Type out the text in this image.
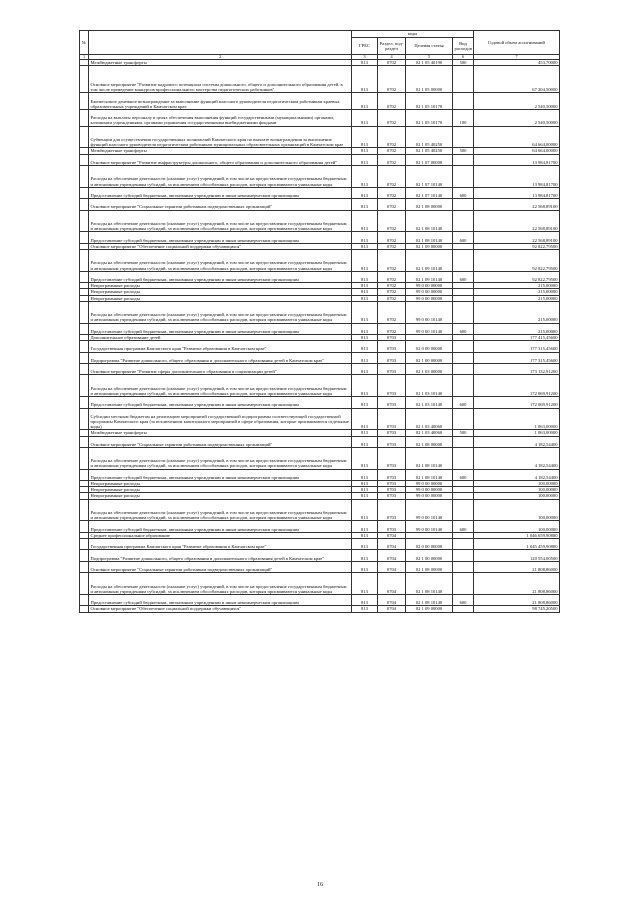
№		коды				Годовой объем ассигнований
		ГРБС	Раздел, под-раздел	Целевая статья	Вид расходов	
1	2	3	4	5	6	7
	Межбюджетные трансферты	813	0702	02 1 05 40190	500	453,70000
	Основное мероприятие "Развитие кадрового потенциала системы дошкольного, общего и дополнительного образования детей, в том числе проведение конкурсов профессионального мастерства педагогических работников"	813	0702	02 1 05 00000		67 204,50000
	Ежемесячное денежное вознаграждение за выполнение функций классного руководителя педагогическим работникам краевых образовательных учреждений в Камчатском крае	813	0702	02 1 05 10170		2 540,50000
	Расходы на выплаты персоналу в целях обеспечения выполнения функций государственными (муниципальными) органами, казенными учреждениями, органами управления государственными внебюджетными фондами	813	0702	02 1 05 10170	100	2 540,50000
	Субвенции для осуществления государственных полномочий Камчатского края по выплате вознаграждения за выполнение функций классного руководителя педагогическим работникам муниципальных образовательных организаций в Камчатском крае	813	0702	02 1 05 40250		64 664,00000
	Межбюджетные трансферты	813	0702	02 1 05 40250	500	64 664,00000
	Основное мероприятие "Развитие инфраструктуры дошкольного, общего образования и дополнительного образования детей"	813	0702	02 1 07 00000		13 984,81700
	Расходы на обеспечение деятельности (оказание услуг) учреждений, в том числе на предоставление государственным бюджетным и автономным учреждениям субсидий, за исключением обособленных расходов, которым присваиваются уникальные коды	813	0702	02 1 07 10140		13 984,81700
	Предоставление субсидий бюджетным, автономным учреждениям и иным некоммерческим организациям	813	0702	02 1 07 10140	600	13 984,81700
	Основное мероприятие "Социальные гарантии работникам подведомственных организаций"	813	0702	02 1 08 00000		22 568,89100
	Расходы на обеспечение деятельности (оказание услуг) учреждений, в том числе на предоставление государственным бюджетным и автономным учреждениям субсидий, за исключением обособленных расходов, которым присваиваются уникальные коды	813	0702	02 1 08 10140		22 568,89100
	Предоставление субсидий бюджетным, автономным учреждениям и иным некоммерческим организациям	813	0702	02 1 08 10140	600	22 568,89100
	Основное мероприятие "Обеспечение социальной поддержки обучающихся"	813	0702	02 1 09 00000		92 822,79500
	Расходы на обеспечение деятельности (оказание услуг) учреждений, в том числе на предоставление государственным бюджетным и автономным учреждениям субсидий, за исключением обособленных расходов, которым присваиваются уникальные коды	813	0702	02 1 09 10140		92 822,79500
	Предоставление субсидий бюджетным, автономным учреждениям и иным некоммерческим организациям	813	0702	02 1 09 10140	600	92 822,79500
	Непрограммные расходы	813	0702	99 0 00 00000		215,00000
	Непрограммные расходы	813	0702	99 0 00 00000		215,00000
	Непрограммные расходы	813	0702	99 0 00 00000		215,00000
	Расходы на обеспечение деятельности (оказание услуг) учреждений, в том числе на предоставление государственным бюджетным и автономным учреждениям субсидий, за исключением обособленных расходов, которым присваиваются уникальные коды	813	0702	99 0 00 10140		215,00000
	Предоставление субсидий бюджетным, автономным учреждениям и иным некоммерческим организациям	813	0702	99 0 00 10140	600	215,00000
	Дополнительное образование детей	813	0703			177 415,45600
	Государственная программа Камчатского края "Развитие образования в Камчатском крае"	813	0703	02 0 00 00000		177 315,45600
	Подпрограмма "Развитие дошкольного, общего образования и дополнительного образования детей в Камчатском крае"	813	0703	02 1 00 00000		177 315,45600
	Основное мероприятие "Развитие сферы дополнительного образования и социализации детей"	813	0703	02 1 03 00000		173 132,91200
	Расходы на обеспечение деятельности (оказание услуг) учреждений, в том числе на предоставление государственным бюджетным и автономным учреждениям субсидий, за исключением обособленных расходов, которым присваиваются уникальные коды	813	0703	02 1 03 10140		172 069,91200
	Предоставление субсидий бюджетным, автономным учреждениям и иным некоммерческим организациям	813	0703	02 1 03 10140	600	172 069,91200
	Субсидии местным бюджетам на реализацию мероприятий государственной подпрограммы соответствующей государственной программы Камчатского края (за исключением капитального мероприятий в сфере образования, которые присваиваются отдельные коды)	813	0703	02 1 03 40060		1 063,00000
	Межбюджетные трансферты	813	0703	02 1 03 40060	500	1 063,00000
	Основное мероприятие "Социальные гарантии работникам подведомственных организаций"	813	0703	02 1 08 00000		4 182,54400
	Расходы на обеспечение деятельности (оказание услуг) учреждений, в том числе на предоставление государственным бюджетным и автономным учреждениям субсидий, за исключением обособленных расходов, которым присваиваются уникальные коды	813	0703	02 1 08 10140		4 182,54400
	Предоставление субсидий бюджетным, автономным учреждениям и иным некоммерческим организациям	813	0703	02 1 08 10140	600	4 182,54400
	Непрограммные расходы	813	0703	99 0 00 00000		100,00000
	Непрограммные расходы	813	0703	99 0 00 00000		100,00000
	Непрограммные расходы	813	0703	99 0 00 00000		100,00000
	Расходы на обеспечение деятельности (оказание услуг) учреждений, в том числе на предоставление государственным бюджетным и автономным учреждениям субсидий, за исключением обособленных расходов, которым присваиваются уникальные коды	813	0703	99 0 00 10140		100,00000
	Предоставление субсидий бюджетным, автономным учреждениям и иным некоммерческим организациям	813	0703	99 0 00 10140	600	100,00000
	Среднее профессиональное образование	813	0704			1 046 659,90800
	Государственная программа Камчатского края "Развитие образования в Камчатском крае"	813	0704	02 0 00 00000		1 045 459,90800
	Подпрограмма "Развитие дошкольного, общего образования и дополнительного образования детей в Камчатском крае"	813	0704	02 1 00 00000		120 554,00500
	Основное мероприятие "Социальные гарантии работникам подведомственных организаций"	813	0704	02 1 08 00000		21 808,86000
	Расходы на обеспечение деятельности (оказание услуг) учреждений, в том числе на предоставление государственным бюджетным и автономным учреждениям субсидий, за исключением обособленных расходов, которым присваиваются уникальные коды	813	0704	02 1 08 10140		21 808,86000
	Предоставление субсидий бюджетным, автономным учреждениям и иным некоммерческим организациям	813	0704	02 1 08 10140	600	21 808,86000
	Основное мероприятие "Обеспечение социальной поддержки обучающихся"	813	0704	02 1 09 00000		98 745,20500
16
